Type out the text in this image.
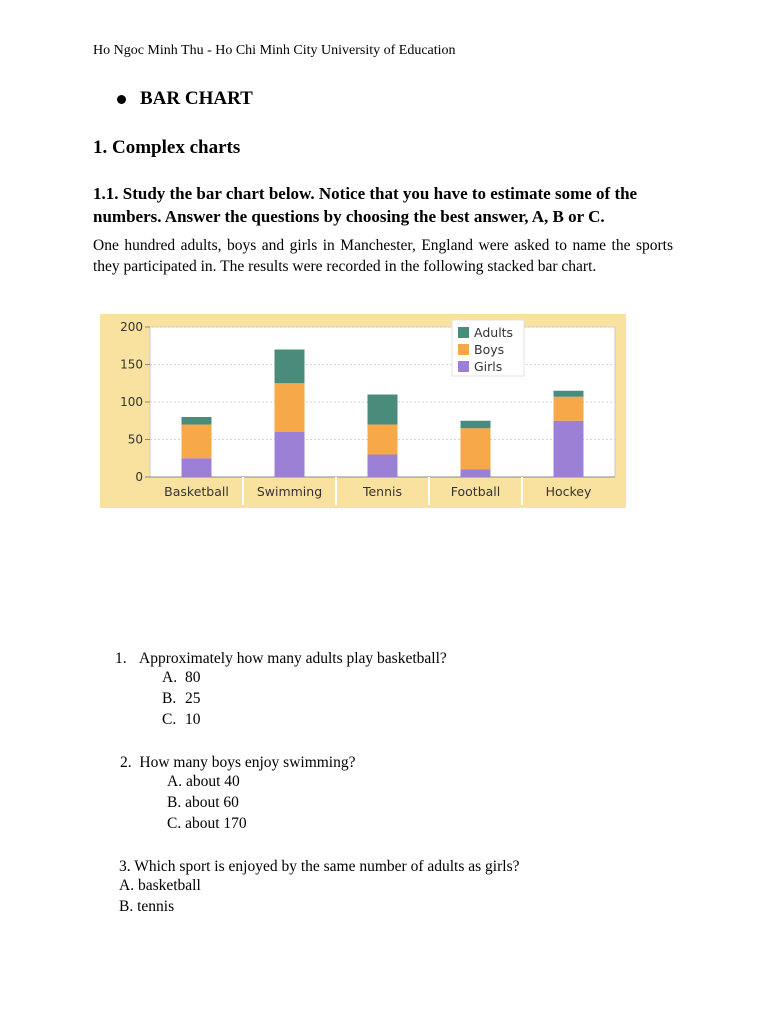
Ho Ngoc Minh Thu - Ho Chi Minh City University of Education
BAR CHART
1. Complex charts
1.1. Study the bar chart below. Notice that you have to estimate some of the numbers. Answer the questions by choosing the best answer, A, B or C.
One hundred adults, boys and girls in Manchester, England were asked to name the sports they participated in. The results were recorded in the following stacked bar chart.
0
50
100
150
200
Basketball Swimming	Tennis	Football	Hockey
Adults
Boys
Girls
1. Approximately how many adults play basketball?
A. 80
B. 25
C. 10
2. How many boys enjoy swimming?
A. about 40
B. about 60
C. about 170
3. Which sport is enjoyed by the same number of adults as girls?
A. basketball
B. tennis
